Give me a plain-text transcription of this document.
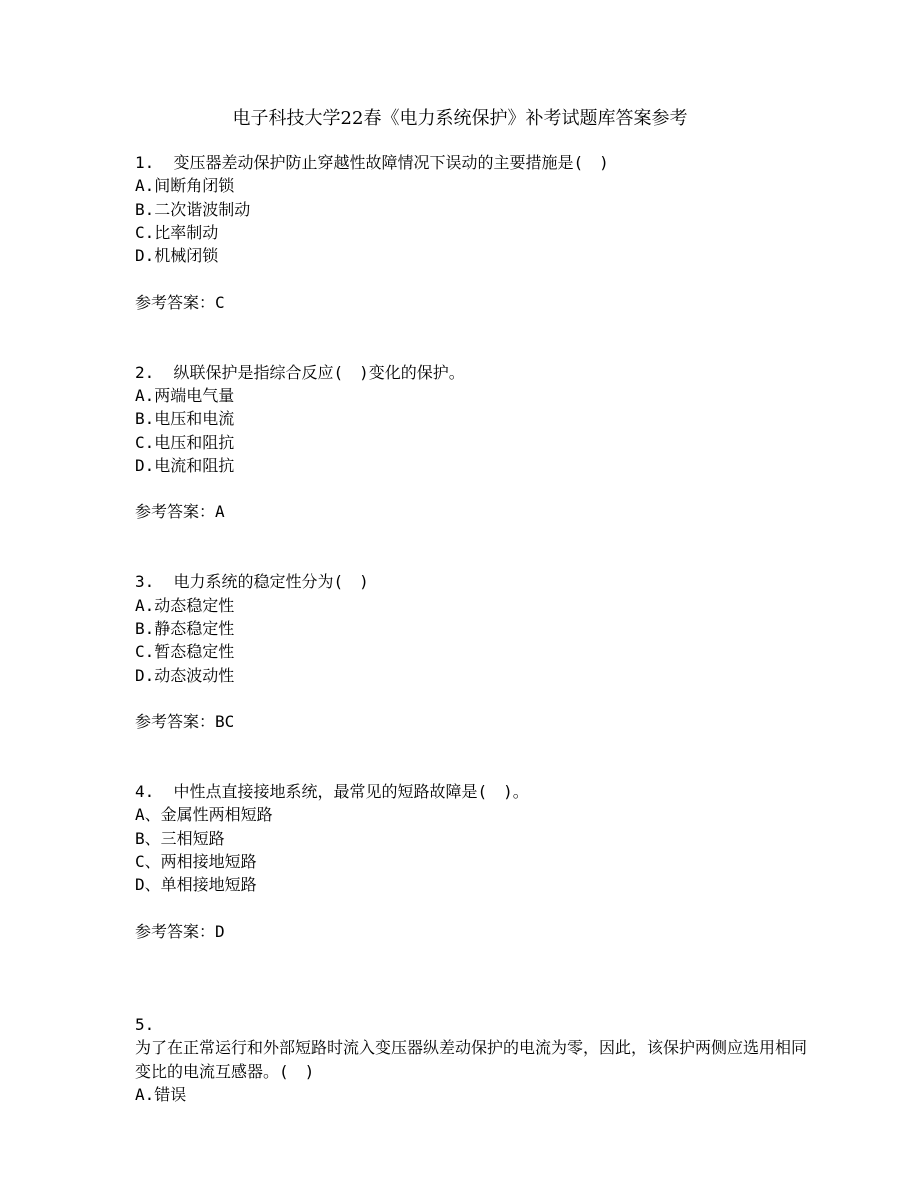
电子科技大学22春《电力系统保护》补考试题库答案参考
1. 变压器差动保护防止穿越性故障情况下误动的主要措施是(　)
A.间断角闭锁
B.二次谐波制动
C.比率制动
D.机械闭锁
参考答案：C
2. 纵联保护是指综合反应(　)变化的保护。
A.两端电气量
B.电压和电流
C.电压和阻抗
D.电流和阻抗
参考答案：A
3. 电力系统的稳定性分为(　)
A.动态稳定性
B.静态稳定性
C.暂态稳定性
D.动态波动性
参考答案：BC
4. 中性点直接接地系统，最常见的短路故障是(　)。
A、金属性两相短路
B、三相短路
C、两相接地短路
D、单相接地短路
参考答案：D
5.
为了在正常运行和外部短路时流入变压器纵差动保护的电流为零，因此，该保护两侧应选用相同变比的电流互感器。(　)
A.错误
